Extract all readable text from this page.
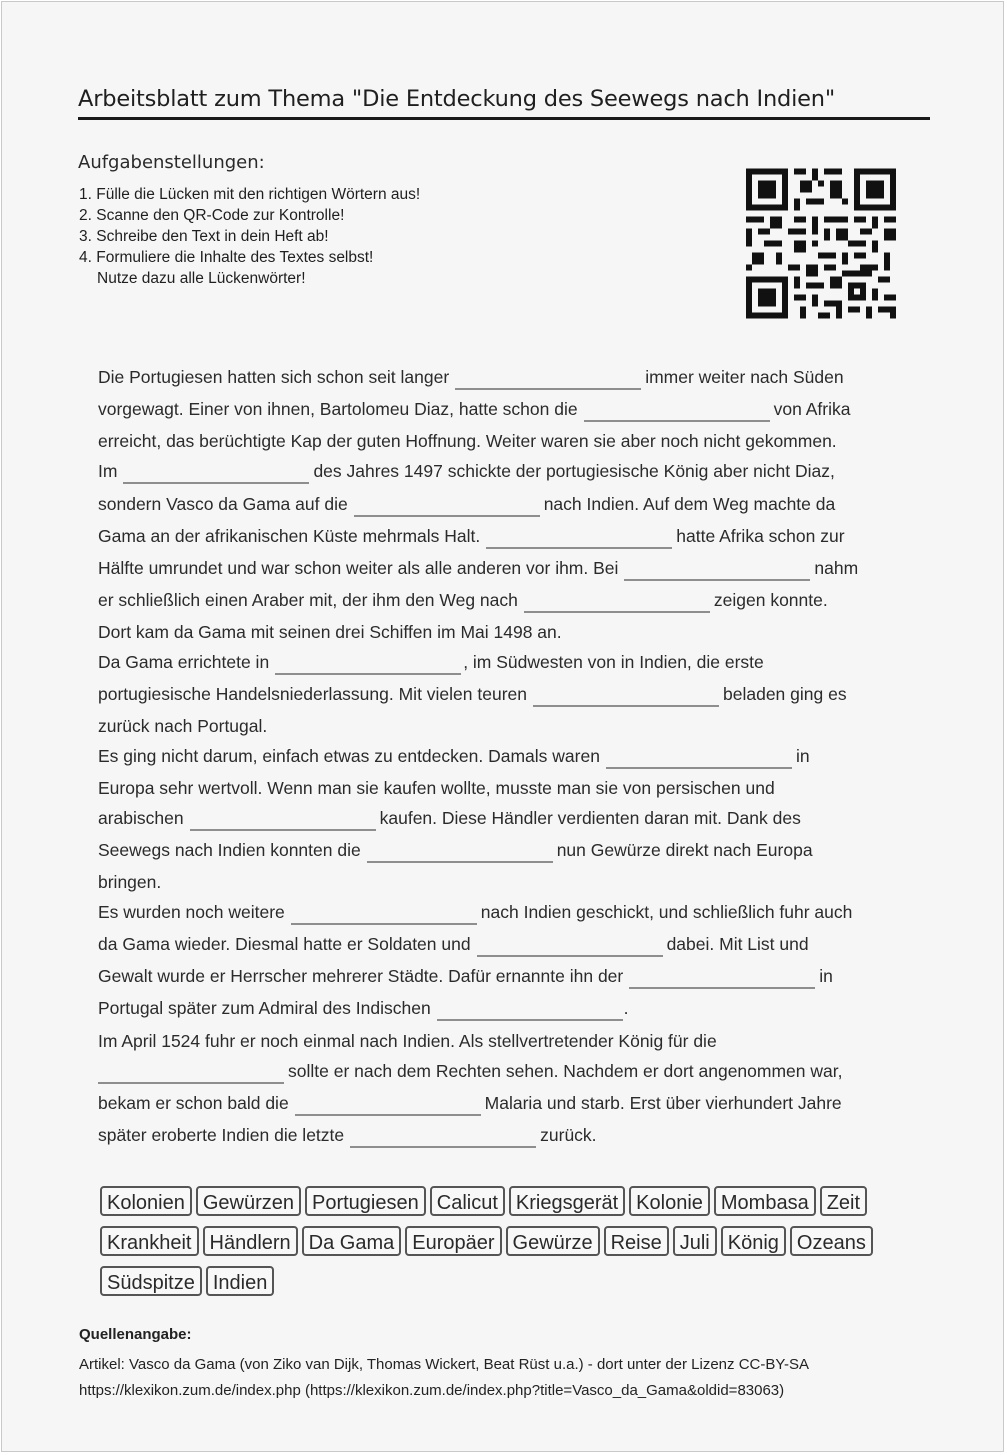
Arbeitsblatt zum Thema "Die Entdeckung des Seewegs nach Indien"
Aufgabenstellungen:
1. Fülle die Lücken mit den richtigen Wörtern aus!
2. Scanne den QR-Code zur Kontrolle!
3. Schreibe den Text in dein Heft ab!
4. Formuliere die Inhalte des Textes selbst!
Nutze dazu alle Lückenwörter!
Die Portugiesen hatten sich schon seit langer	immer weiter nach Süden
vorgewagt. Einer von ihnen, Bartolomeu Diaz, hatte schon die	von Afrika
erreicht, das berüchtigte Kap der guten Hoffnung. Weiter waren sie aber noch nicht gekommen.
Im	des Jahres 1497 schickte der portugiesische König aber nicht Diaz,
sondern Vasco da Gama auf die	nach Indien. Auf dem Weg machte da
Gama an der afrikanischen Küste mehrmals Halt.	hatte Afrika schon zur
Hälfte umrundet und war schon weiter als alle anderen vor ihm. Bei	nahm
er schließlich einen Araber mit, der ihm den Weg nach	zeigen konnte.
Dort kam da Gama mit seinen drei Schiffen im Mai 1498 an.
Da Gama errichtete in	, im Südwesten von in Indien, die erste
portugiesische Handelsniederlassung. Mit vielen teuren	beladen ging es
zurück nach Portugal.
Es ging nicht darum, einfach etwas zu entdecken. Damals waren	in
Europa sehr wertvoll. Wenn man sie kaufen wollte, musste man sie von persischen und
arabischen	kaufen. Diese Händler verdienten daran mit. Dank des
Seewegs nach Indien konnten die	nun Gewürze direkt nach Europa
bringen.
Es wurden noch weitere	nach Indien geschickt, und schließlich fuhr auch
da Gama wieder. Diesmal hatte er Soldaten und	dabei. Mit List und
Gewalt wurde er Herrscher mehrerer Städte. Dafür ernannte ihn der	in
Portugal später zum Admiral des Indischen	.
Im April 1524 fuhr er noch einmal nach Indien. Als stellvertretender König für die
sollte er nach dem Rechten sehen. Nachdem er dort angenommen war,
bekam er schon bald die	Malaria und starb. Erst über vierhundert Jahre
später eroberte Indien die letzte	zurück.
Kolonien Gewürzen Portugiesen Calicut Kriegsgerät Kolonie Mombasa Zeit
Krankheit Händlern Da Gama Europäer Gewürze Reise Juli König Ozeans
Südspitze Indien
Quellenangabe:
Artikel: Vasco da Gama (von Ziko van Dijk, Thomas Wickert, Beat Rüst u.a.) - dort unter der Lizenz CC-BY-SA
https://klexikon.zum.de/index.php (https://klexikon.zum.de/index.php?title=Vasco_da_Gama&oldid=83063)
